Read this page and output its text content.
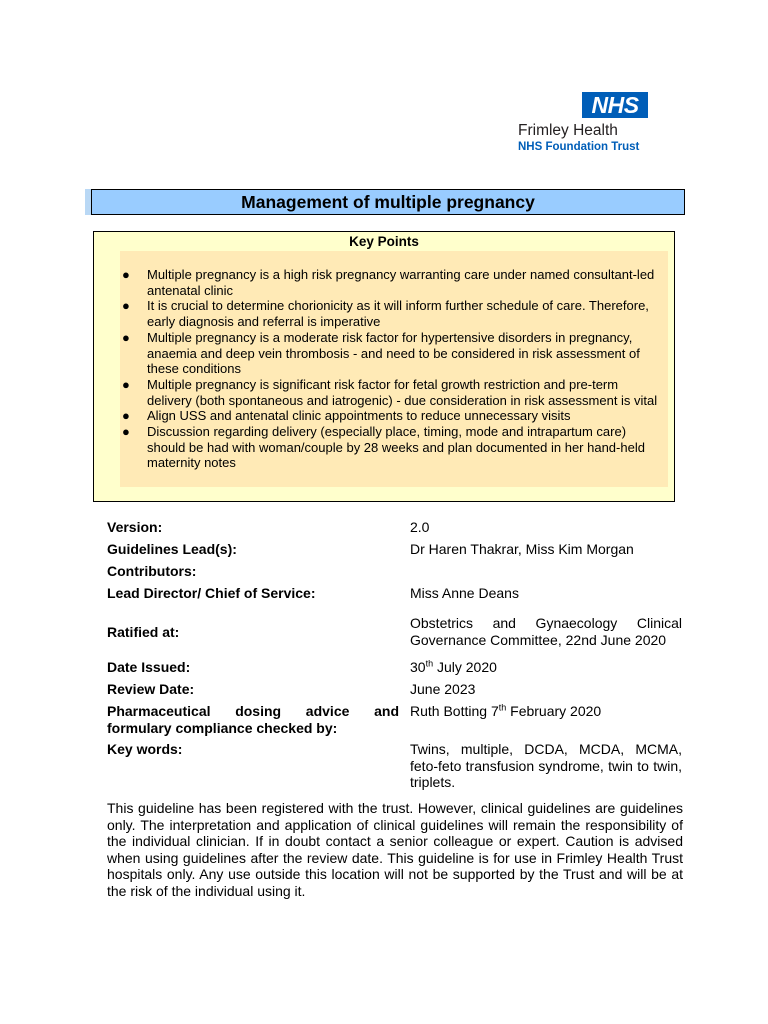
NHS
Frimley Health
NHS Foundation Trust
Management of multiple pregnancy
Key Points
● Multiple pregnancy is a high risk pregnancy warranting care under named consultant-led antenatal clinic
● It is crucial to determine chorionicity as it will inform further schedule of care. Therefore, early diagnosis and referral is imperative
● Multiple pregnancy is a moderate risk factor for hypertensive disorders in pregnancy, anaemia and deep vein thrombosis - and need to be considered in risk assessment of these conditions
● Multiple pregnancy is significant risk factor for fetal growth restriction and pre-term delivery (both spontaneous and iatrogenic) - due consideration in risk assessment is vital
● Align USS and antenatal clinic appointments to reduce unnecessary visits
● Discussion regarding delivery (especially place, timing, mode and intrapartum care) should be had with woman/couple by 28 weeks and plan documented in her hand-held maternity notes
Version:	2.0
Guidelines Lead(s):	Dr Haren Thakrar, Miss Kim Morgan
Contributors:
Lead Director/ Chief of Service:	Miss Anne Deans
Ratified at:
Obstetrics and Gynaecology Clinical Governance Committee, 22nd June 2020
Date Issued:	30th July 2020
Review Date:	June 2023
Pharmaceutical dosing advice and formulary compliance checked by:
Ruth Botting 7th February 2020
Key words:	Twins, multiple, DCDA, MCDA, MCMA, feto-feto transfusion syndrome, twin to twin, triplets.

This guideline has been registered with the trust. However, clinical guidelines are guidelines only. The interpretation and application of clinical guidelines will remain the responsibility of the individual clinician. If in doubt contact a senior colleague or expert. Caution is advised when using guidelines after the review date. This guideline is for use in Frimley Health Trust hospitals only. Any use outside this location will not be supported by the Trust and will be at the risk of the individual using it.
